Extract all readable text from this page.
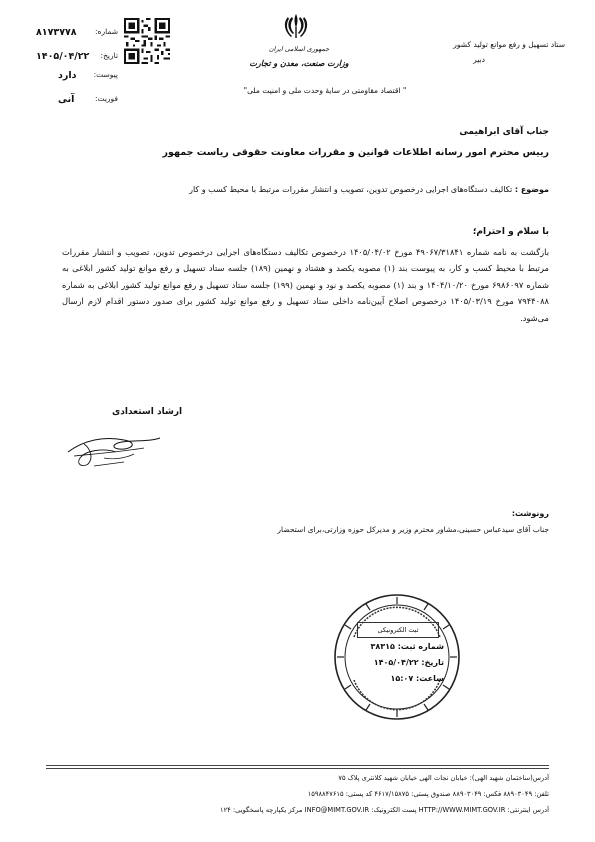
۸۱۷۳۷۷۸ شماره:
۱۴۰۵/۰۴/۲۲ تاریخ:
دارد پیوست:
آنی	فوریت:
جمهوری اسلامی ایران
وزارت صنعت، معدن و تجارت
ستاد تسهیل و رفع موانع تولید کشور
دبیر
" اقتصاد مقاومتی در سایۀ وحدت ملی و امنیت ملی"
جناب آقای ابراهیمی
رییس محترم امور رسانه اطلاعات قوانین و مقررات معاونت حقوقی ریاست جمهور
موضوع : تکالیف دستگاه‌های اجرایی درخصوص تدوین، تصویب و انتشار مقررات مرتبط با محیط کسب و کار
با سلام و احترام؛
بازگشت به نامه شماره ۴۹۰۶۷/۳۱۸۴۱ مورخ ۱۴۰۵/۰۴/۰۲ درخصوص تکالیف دستگاه‌های اجرایی درخصوص تدوین، تصویب و انتشار مقررات مرتبط با محیط کسب و کار، به پیوست بند (۱) مصوبه یکصد و هشتاد و نهمین (۱۸۹) جلسه ستاد تسهیل و رفع موانع تولید کشور ابلاغی به شماره ۶۹۸۶۰۹۷ مورخ ۱۴۰۴/۱۰/۲۰ و بند (۱) مصوبه یکصد و نود و نهمین (۱۹۹) جلسه ستاد تسهیل و رفع موانع تولید کشور ابلاغی به شماره ۷۹۴۴۰۸۸ مورخ ۱۴۰۵/۰۳/۱۹ درخصوص اصلاح آیین‌نامه داخلی ستاد تسهیل و رفع موانع تولید کشور برای صدور دستور اقدام لازم ارسال می‌شود.
ارشاد استعدادی
رونوشت:
جناب آقای سیدعباس حسینی،مشاور محترم وزیر و مدیرکل حوزه وزارتی،برای استحضار
ثبت الکترونیکی
شماره ثبت: ۳۸۳۱۵
تاریخ: ۱۴۰۵/۰۴/۲۲
ساعت: ۱۵:۰۷
آدرس(ساختمان شهید الهی): خیابان نجات الهی خیابان شهید کلانتری پلاک ۷۵
تلفن: ۸۸۹۰۳۰۴۹ فکس: ۸۸۹۰۳۰۴۹ صندوق پستی: ۴۶۱۷/۱۵۸۷۵ کد پستی: ۱۵۹۸۸۴۷۶۱۵
آدرس اینترنتی: HTTP://WWW.MIMT.GOV.IR پست الکترونیک: INFO@MIMT.GOV.IR مرکز یکپارچه پاسخگویی: ۱۲۴
